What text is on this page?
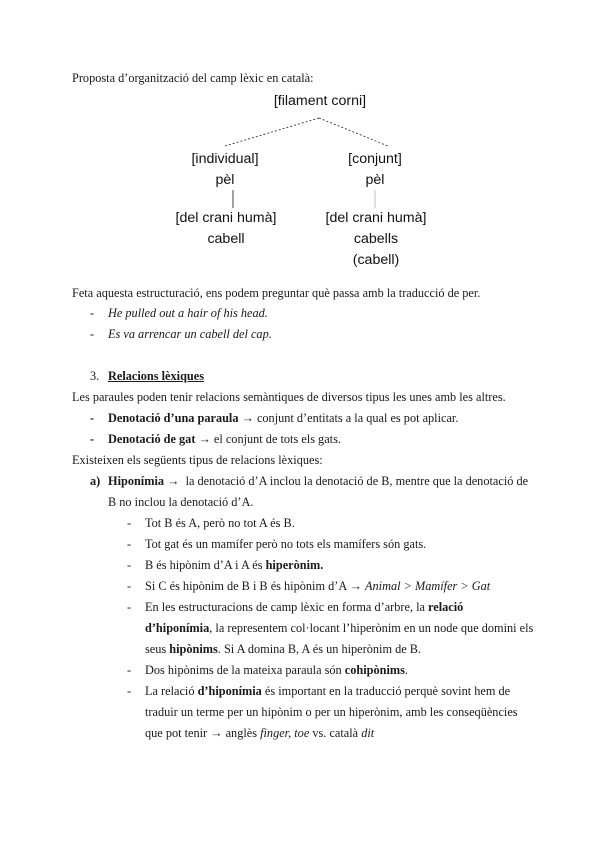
Proposta d’organització del camp lèxic en català:
[filament corni]
[individual]
pèl
[conjunt]
pèl
[del crani humà]
cabell
[del crani humà]
cabells
(cabell)
Feta aquesta estructuració, ens podem preguntar què passa amb la traducció de per.
- He pulled out a hair of his head.
- Es va arrencar un cabell del cap.
3. Relacions lèxiques
Les paraules poden tenir relacions semàntiques de diversos tipus les unes amb les altres.
- Denotació d’una paraula → conjunt d’entitats a la qual es pot aplicar.
- Denotació de gat → el conjunt de tots els gats.
Existeixen els següents tipus de relacions lèxiques:
a) Hiponímia → la denotació d’A inclou la denotació de B, mentre que la denotació de
B no inclou la denotació d’A.
- Tot B és A, però no tot A és B.
- Tot gat és un mamífer però no tots els mamífers són gats.
- B és hipònim d’A i A és hiperònim.
- Si C és hipònim de B i B és hipònim d’A → Animal > Mamífer > Gat
- En les estructuracions de camp lèxic en forma d’arbre, la relació
d’hiponímia, la representem col·locant l’hiperònim en un node que domini els
seus hipònims. Si A domina B, A és un hiperònim de B.
- Dos hipònims de la mateixa paraula són cohipònims.
- La relació d’hiponímia és important en la traducció perquè sovint hem de
traduir un terme per un hipònim o per un hiperònim, amb les conseqüències
que pot tenir → anglès finger, toe vs. català dit
